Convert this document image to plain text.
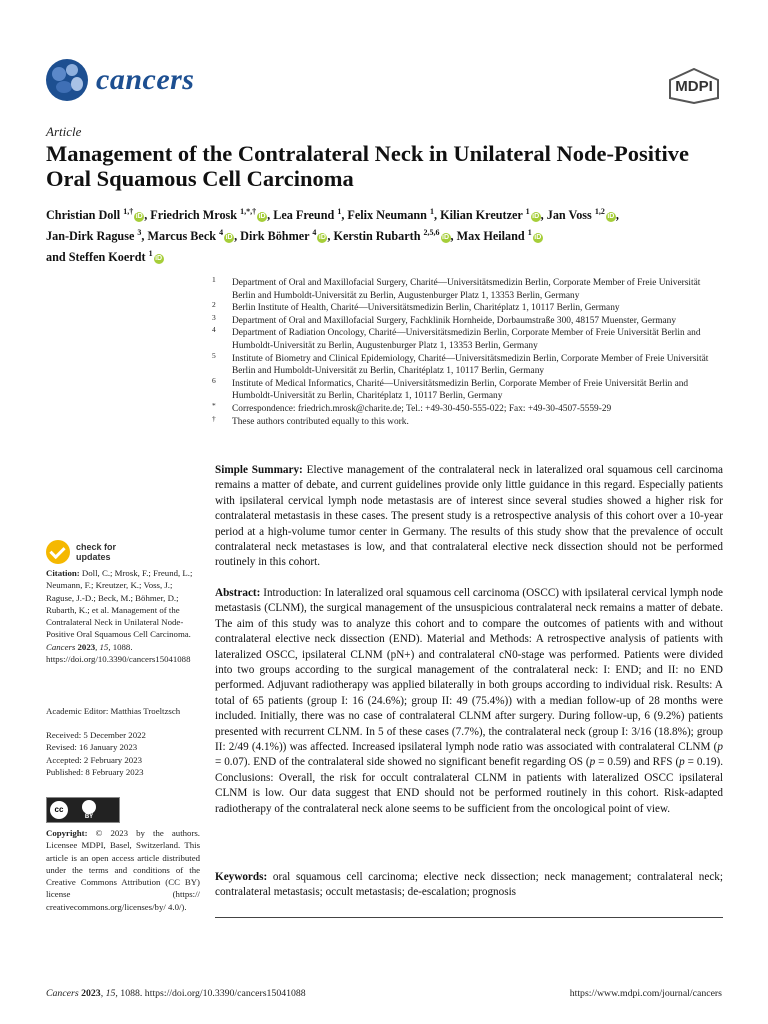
cancers	MDPI
Article
Management of the Contralateral Neck in Unilateral Node-Positive Oral Squamous Cell Carcinoma
Christian Doll $^{1,\dagger}$iD , Friedrich Mrosk $^{1,*,\dagger}$iD , Lea Freund $^1$, Felix Neumann $^1$, Kilian Kreutzer $^1$iD , Jan Voss $^{1,2}$iD ,
Jan-Dirk Raguse $^3$, Marcus Beck $^4$iD , Dirk Böhmer $^4$iD , Kerstin Rubarth $^{2,5,6}$iD , Max Heiland $^1$iD
and Steffen Koerdt $^1$iD
1	Department of Oral and Maxillofacial Surgery, Charité—Universitätsmedizin Berlin, Corporate Member of Freie Universität Berlin and Humboldt-Universität zu Berlin, Augustenburger Platz 1, 13353 Berlin, Germany
2	Berlin Institute of Health, Charité—Universitätsmedizin Berlin, Charitéplatz 1, 10117 Berlin, Germany
3	Department of Oral and Maxillofacial Surgery, Fachklinik Hornheide, Dorbaumstraße 300, 48157 Muenster, Germany
4	Department of Radiation Oncology, Charité—Universitätsmedizin Berlin, Corporate Member of Freie Universität Berlin and Humboldt-Universität zu Berlin, Augustenburger Platz 1, 13353 Berlin, Germany
5	Institute of Biometry and Clinical Epidemiology, Charité—Universitätsmedizin Berlin, Corporate Member of Freie Universität Berlin and Humboldt-Universität zu Berlin, Charitéplatz 1, 10117 Berlin, Germany
6	Institute of Medical Informatics, Charité—Universitätsmedizin Berlin, Corporate Member of Freie Universität Berlin and Humboldt-Universität zu Berlin, Charitéplatz 1, 10117 Berlin, Germany
*	Correspondence: friedrich.mrosk@charite.de; Tel.: +49-30-450-555-022; Fax: +49-30-4507-5559-29
†	These authors contributed equally to this work.
Simple Summary: Elective management of the contralateral neck in lateralized oral squamous cell carcinoma remains a matter of debate, and current guidelines provide only little guidance in this regard. Especially patients with ipsilateral cervical lymph node metastasis are of interest since several studies showed a higher risk for contralateral metastasis in these cases. The present study is a retrospective analysis of this cohort over a 10-year period at a high-volume tumor center in Germany. The results of this study show that the prevalence of occult contralateral neck metastases is low, and that contralateral elective neck dissection should not be performed routinely in this cohort.
Abstract: Introduction: In lateralized oral squamous cell carcinoma (OSCC) with ipsilateral cervical lymph node metastasis (CLNM), the surgical management of the unsuspicious contralateral neck remains a matter of debate. The aim of this study was to analyze this cohort and to compare the outcomes of patients with and without contralateral elective neck dissection (END). Material and Methods: A retrospective analysis of patients with lateralized OSCC, ipsilateral CLNM (pN+) and contralateral cN0-stage was performed. Patients were divided into two groups according to the surgical management of the contralateral neck: I: END; and II: no END performed. Adjuvant radiotherapy was applied bilaterally in both groups according to individual risk. Results: A total of 65 patients (group I: 16 (24.6%); group II: 49 (75.4%)) with a median follow-up of 28 months were included. Initially, there was no case of contralateral CLNM after surgery. During follow-up, 6 (9.2%) patients presented with recurrent CLNM. In 5 of these cases (7.7%), the contralateral neck (group I: 3/16 (18.8%); group II: 2/49 (4.1%)) was affected. Increased ipsilateral lymph node ratio was associated with contralateral CLNM (p = 0.07). END of the contralateral side showed no significant benefit regarding OS (p = 0.59) and RFS (p = 0.19). Conclusions: Overall, the risk for occult contralateral CLNM in patients with lateralized OSCC ipsilateral CLNM is low. Our data suggest that END should not be performed routinely in this cohort. Risk-adapted radiotherapy of the contralateral neck alone seems to be sufficient from the oncological point of view.
Keywords: oral squamous cell carcinoma; elective neck dissection; neck management; contralateral neck; contralateral metastasis; occult metastasis; de-escalation; prognosis
check for
updates
Citation: Doll, C.; Mrosk, F.; Freund, L.; Neumann, F.; Kreutzer, K.; Voss, J.; Raguse, J.-D.; Beck, M.; Böhmer, D.; Rubarth, K.; et al. Management of the Contralateral Neck in Unilateral Node-Positive Oral Squamous Cell Carcinoma. Cancers 2023, 15, 1088. https://doi.org/10.3390/cancers15041088
Academic Editor: Matthias Troeltzsch
Received: 5 December 2022
Revised: 16 January 2023
Accepted: 2 February 2023
Published: 8 February 2023
cc
BY
Copyright: © 2023 by the authors. Licensee MDPI, Basel, Switzerland. This article is an open access article distributed under the terms and conditions of the Creative Commons Attribution (CC BY) license (https:// creativecommons.org/licenses/by/ 4.0/).
Cancers 2023, 15, 1088. https://doi.org/10.3390/cancers15041088	https://www.mdpi.com/journal/cancers
